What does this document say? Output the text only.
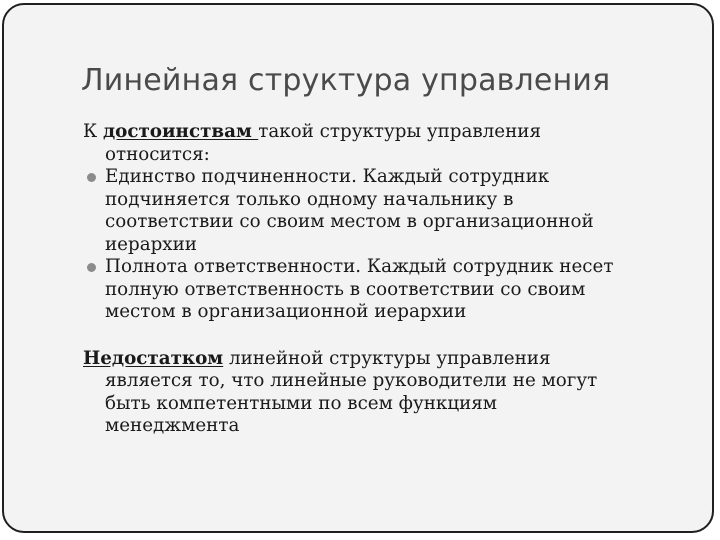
Линейная структура управления
К достоинствам такой структуры управления
относится:
Единство подчиненности. Каждый сотрудник
подчиняется только одному начальнику в
соответствии со своим местом в организационной
иерархии
Полнота ответственности. Каждый сотрудник несет
полную ответственность в соответствии со своим
местом в организационной иерархии
Недостатком линейной структуры управления
является то, что линейные руководители не могут
быть компетентными по всем функциям
менеджмента
